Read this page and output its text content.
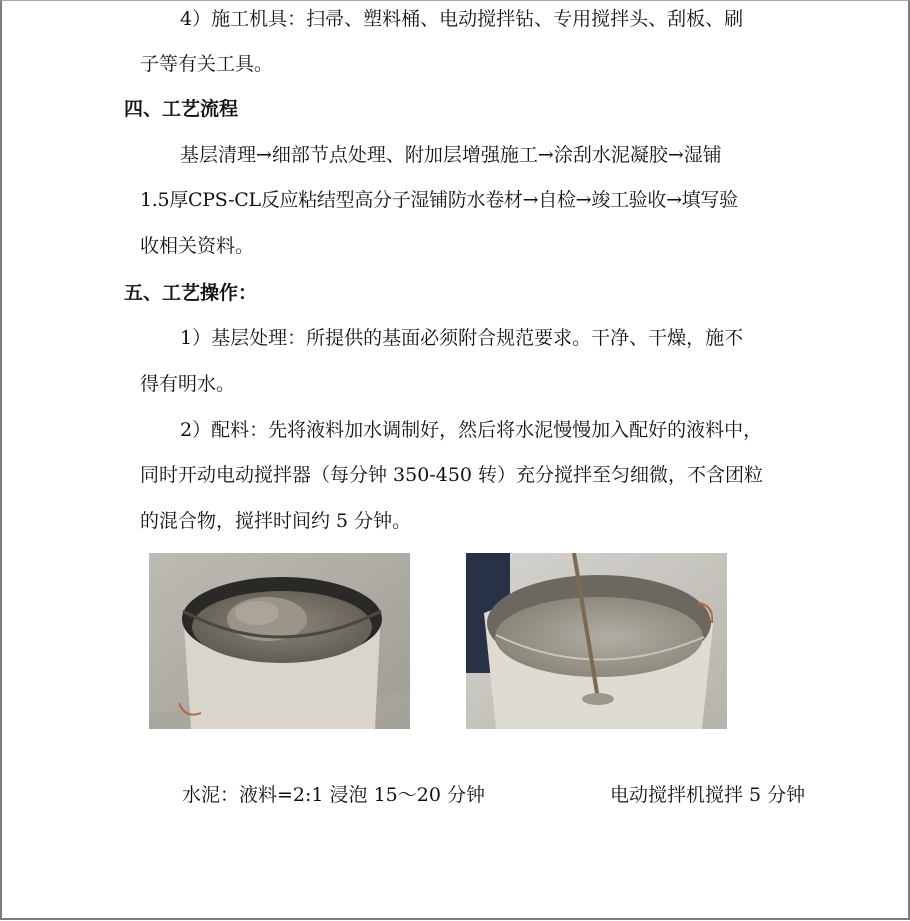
4）施工机具：扫帚、塑料桶、电动搅拌钻、专用搅拌头、刮板、刷
子等有关工具。
四、工艺流程
基层清理→细部节点处理、附加层增强施工→涂刮水泥凝胶→湿铺
1.5厚CPS-CL反应粘结型高分子湿铺防水卷材→自检→竣工验收→填写验
收相关资料。
五、工艺操作：
1）基层处理：所提供的基面必须附合规范要求。干净、干燥，施不
得有明水。
2）配料：先将液料加水调制好，然后将水泥慢慢加入配好的液料中，
同时开动电动搅拌器（每分钟 350-450 转）充分搅拌至匀细微，不含团粒
的混合物，搅拌时间约 5 分钟。
水泥：液料=2:1 浸泡 15～20 分钟	电动搅拌机搅拌 5 分钟
